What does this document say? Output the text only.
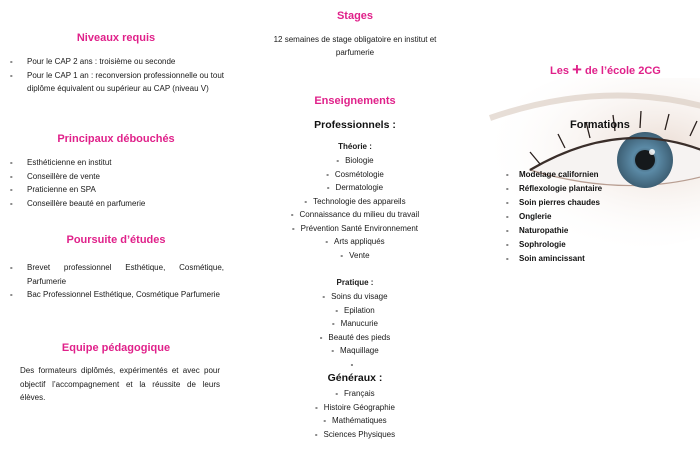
Niveaux requis
- Pour le CAP 2 ans : troisième ou seconde
- Pour le CAP 1 an : reconversion professionnelle ou tout diplôme équivalent ou supérieur au CAP (niveau V)
Principaux débouchés
- Esthéticienne en institut
- Conseillère de vente
- Praticienne en SPA
- Conseillère beauté en parfumerie
Poursuite d’études
- Brevet professionnel Esthétique, Cosmétique, Parfumerie
- Bac Professionnel Esthétique, Cosmétique Parfumerie
Equipe pédagogique
Des formateurs diplômés, expérimentés et avec pour objectif l’accompagnement et la réussite de leurs élèves.
Stages
12 semaines de stage obligatoire en institut et parfumerie
Enseignements
Professionnels :
Théorie :
- Biologie
- Cosmétologie
- Dermatologie
- Technologie des appareils
- Connaissance du milieu du travail
- Prévention Santé Environnement
- Arts appliqués
- Vente
Pratique :
- Soins du visage
- Epilation
- Manucurie
- Beauté des pieds
- Maquillage
-
Généraux :
- Français
- Histoire Géographie
- Mathématiques
- Sciences Physiques
Les + de l’école 2CG
Formations
- Modelage californien
- Réflexologie plantaire
- Soin pierres chaudes
- Onglerie
- Naturopathie
- Sophrologie
- Soin amincissant
